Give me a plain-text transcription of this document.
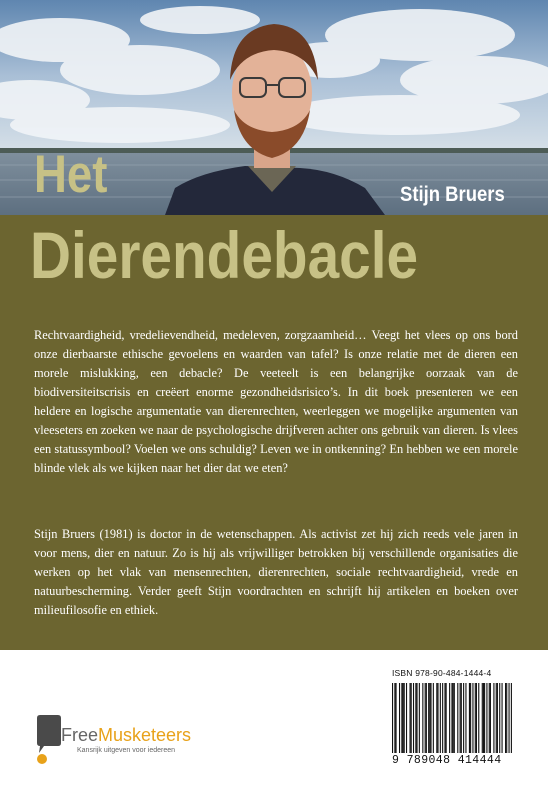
Het	Stijn Bruers
Dierendebacle

Rechtvaardigheid, vredelievendheid, medeleven, zorgzaamheid… Veegt het vlees op ons bord onze dierbaarste ethische gevoelens en waarden van tafel? Is onze relatie met de dieren een morele mislukking, een debacle? De veeteelt is een belangrijke oorzaak van de biodiversiteitscrisis en creëert enorme gezondheidsrisico’s. In dit boek presenteren we een heldere en logische argumentatie van dierenrechten, weerleggen we mogelijke argumenten van vleeseters en zoeken we naar de psychologische drijfveren achter ons gebruik van dieren. Is vlees een statussymbool? Voelen we ons schuldig? Leven we in ontkenning? En hebben we een morele blinde vlek als we kijken naar het dier dat we eten?

Stijn Bruers (1981) is doctor in de wetenschappen. Als activist zet hij zich reeds vele jaren in voor mens, dier en natuur. Zo is hij als vrijwilliger betrokken bij verschillende organisaties die werken op het vlak van mensenrechten, dierenrechten, sociale rechtvaardigheid, vrede en natuurbescherming. Verder geeft Stijn voordrachten en schrijft hij artikelen en boeken over milieufilosofie en ethiek.

FreeMusketeers
Kansrijk uitgeven voor iedereen
ISBN 978-90-484-1444-4
9 789048 414444
